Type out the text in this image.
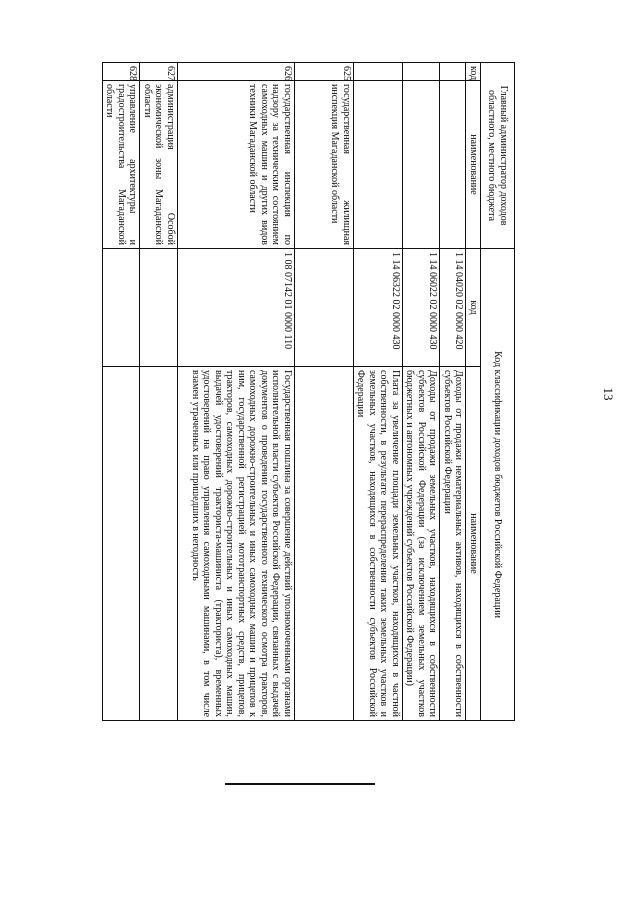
13
Главный администратор доходов областного, местного бюджета		Код классификации доходов бюджетов Российской Федерации	
код	наименование	код	наименование
		1 14 04020 02 0000 420	Доходы от продажи нематериальных активов, находящихся в собственности субъектов Российской Федерации
		1 14 06022 02 0000 430	Доходы от продажи земельных участков, находящихся в собственности субъектов Российской Федерации (за исключением земельных участков бюджетных и автономных учреждений субъектов Российской Федерации)
		1 14 06322 02 0000 430	Плата за увеличение площади земельных участков, находящихся в частной собственности, в результате перераспределения таких земельных участков и земельных участков, находящихся в собственности субъектов Российской Федерации
625	государственная жилищная инспекция Магаданской области		
626	государственная инспекция по надзору за техническим состоянием самоходных машин и других видов техники Магаданской области	1 08 07142 01 0000 110	Государственная пошлина за совершение действий уполномоченными органами исполнительной власти субъектов Российской Федерации, связанных с выдачей документов о проведении государственного технического осмотра тракторов, самоходных дорожно-строительных и иных самоходных машин и прицепов к ним, государственной регистрацией мототранспортных средств, прицепов, тракторов, самоходных дорожно-строительных и иных самоходных машин, выдачей удостоверений тракториста-машиниста (тракториста), временных удостоверений на право управления самоходными машинами, в том числе взамен утраченных или пришедших в негодность
627	администрация Особой экономической зоны Магаданской области		
628	управление архитектуры и градостроительства Магаданской области		
